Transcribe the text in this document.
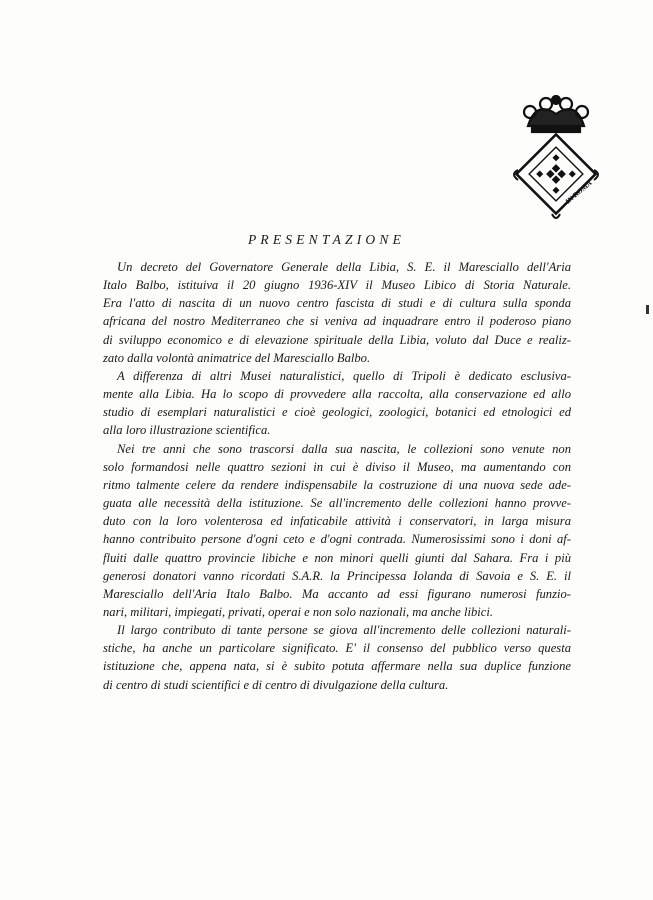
IN ROMA
PRESENTAZIONE
Un decreto del Governatore Generale della Libia, S. E. il Maresciallo dell'Aria
Italo Balbo, istituiva il 20 giugno 1936-XIV il Museo Libico di Storia Naturale.
Era l'atto di nascita di un nuovo centro fascista di studi e di cultura sulla sponda
africana del nostro Mediterraneo che si veniva ad inquadrare entro il poderoso piano
di sviluppo economico e di elevazione spirituale della Libia, voluto dal Duce e realiz-
zato dalla volontà animatrice del Maresciallo Balbo.
A differenza di altri Musei naturalistici, quello di Tripoli è dedicato esclusiva-
mente alla Libia. Ha lo scopo di provvedere alla raccolta, alla conservazione ed allo
studio di esemplari naturalistici e cioè geologici, zoologici, botanici ed etnologici ed
alla loro illustrazione scientifica.
Nei tre anni che sono trascorsi dalla sua nascita, le collezioni sono venute non
solo formandosi nelle quattro sezioni in cui è diviso il Museo, ma aumentando con
ritmo talmente celere da rendere indispensabile la costruzione di una nuova sede ade-
guata alle necessità della istituzione. Se all'incremento delle collezioni hanno provve-
duto con la loro volenterosa ed infaticabile attività i conservatori, in larga misura
hanno contribuito persone d'ogni ceto e d'ogni contrada. Numerosissimi sono i doni af-
fluiti dalle quattro provincie libiche e non minori quelli giunti dal Sahara. Fra i più
generosi donatori vanno ricordati S.A.R. la Principessa Iolanda di Savoia e S. E. il
Maresciallo dell'Aria Italo Balbo. Ma accanto ad essi figurano numerosi funzio-
nari, militari, impiegati, privati, operai e non solo nazionali, ma anche libici.
Il largo contributo di tante persone se giova all'incremento delle collezioni naturali-
stiche, ha anche un particolare significato. E' il consenso del pubblico verso questa
istituzione che, appena nata, si è subito potuta affermare nella sua duplice funzione
di centro di studi scientifici e di centro di divulgazione della cultura.
